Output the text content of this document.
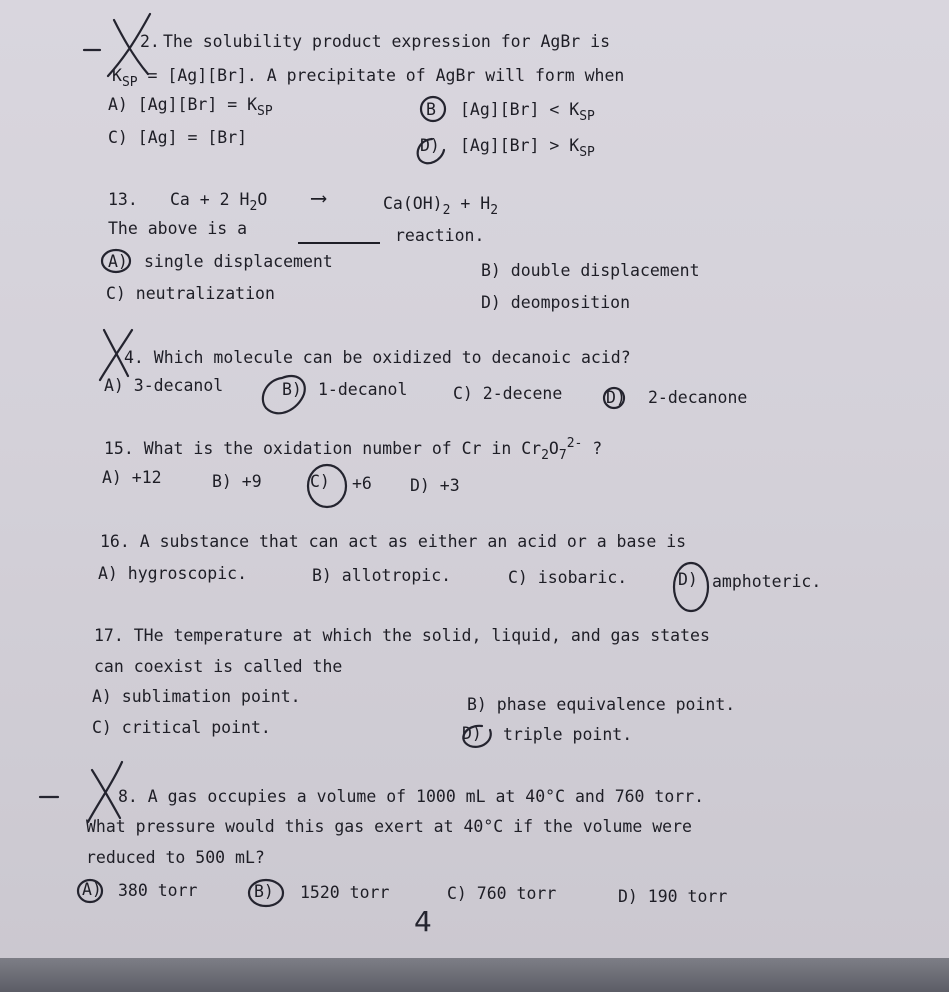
2. The solubility product expression for AgBr is
$K_{SP} = [Ag][Br]$. A precipitate of AgBr will form when
A) $[Ag][Br] = K_{SP}$	B $[Ag][Br] < K_{SP}$
C) [Ag] = [Br]	D) $[Ag][Br] > K_{SP}$
13. Ca + 2 $H_2O$ ⟶	$Ca(OH)_2 + H_2$
The above is a	reaction.
A) single displacement	B) double displacement
C) neutralization	D) deomposition
4. Which molecule can be oxidized to decanoic acid?
A) 3-decanol	B) 1-decanol	C) 2-decene	D) 2-decanone
15. What is the oxidation number of Cr in $Cr_2O_7^{2-}$ ?
A) +12	B) +9	C) +6 D) +3
16. A substance that can act as either an acid or a base is
A) hygroscopic.	B) allotropic.	C) isobaric.	D) amphoteric.
17. THe temperature at which the solid, liquid, and gas states
can coexist is called the
A) sublimation point.	B) phase equivalence point.
C) critical point.	D) triple point.
8. A gas occupies a volume of 1000 mL at 40°C and 760 torr.
What pressure would this gas exert at 40°C if the volume were
reduced to 500 mL?
A) 380 torr	B) 1520 torr	C) 760 torr	D) 190 torr
4
